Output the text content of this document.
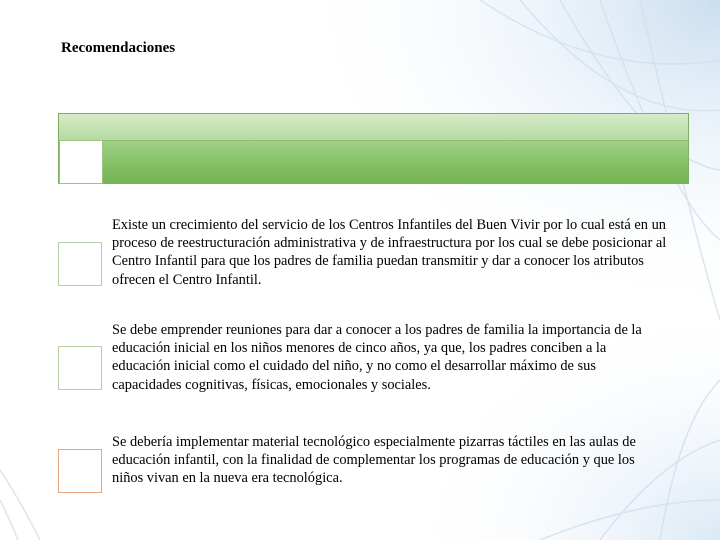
Recomendaciones

Existe un crecimiento del servicio de los Centros Infantiles del Buen Vivir por lo cual está en un proceso de reestructuración administrativa y de infraestructura por los cual se debe posicionar al Centro Infantil para que los padres de familia puedan transmitir y dar a conocer los atributos ofrecen el Centro Infantil.

Se debe emprender reuniones para dar a conocer a los padres de familia la importancia de la educación inicial en los niños menores de cinco años, ya que, los padres conciben a la educación inicial como el cuidado del niño, y no como el desarrollar máximo de sus capacidades cognitivas, físicas, emocionales y sociales.

Se debería implementar material tecnológico especialmente pizarras táctiles en las aulas de educación infantil, con la finalidad de complementar los programas de educación y que los niños vivan en la nueva era tecnológica.
